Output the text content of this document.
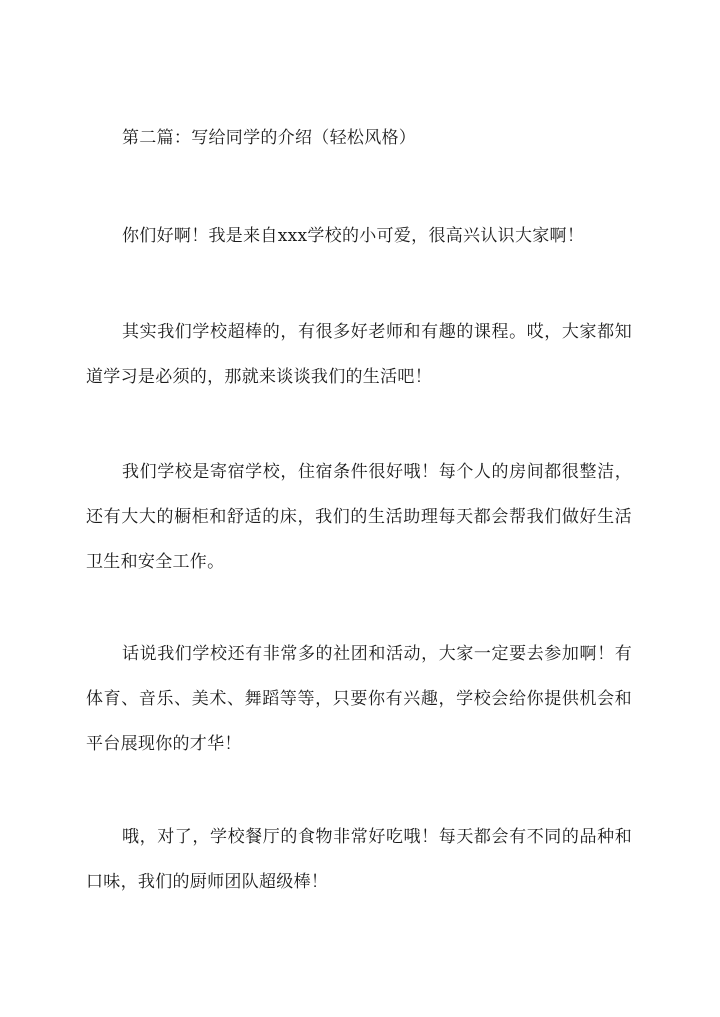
第二篇：写给同学的介绍（轻松风格）

你们好啊！我是来自xxx学校的小可爱，很高兴认识大家啊！

其实我们学校超棒的，有很多好老师和有趣的课程。哎，大家都知道学习是必须的，那就来谈谈我们的生活吧！

我们学校是寄宿学校，住宿条件很好哦！每个人的房间都很整洁，还有大大的橱柜和舒适的床，我们的生活助理每天都会帮我们做好生活卫生和安全工作。

话说我们学校还有非常多的社团和活动，大家一定要去参加啊！有体育、音乐、美术、舞蹈等等，只要你有兴趣，学校会给你提供机会和平台展现你的才华！

哦，对了，学校餐厅的食物非常好吃哦！每天都会有不同的品种和口味，我们的厨师团队超级棒！
